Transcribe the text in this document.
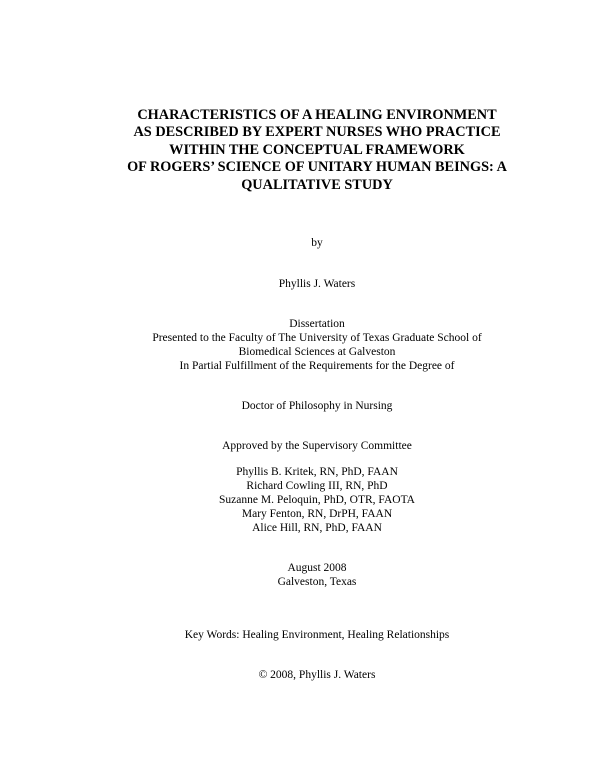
CHARACTERISTICS OF A HEALING ENVIRONMENT
AS DESCRIBED BY EXPERT NURSES WHO PRACTICE
WITHIN THE CONCEPTUAL FRAMEWORK
OF ROGERS’ SCIENCE OF UNITARY HUMAN BEINGS: A
QUALITATIVE STUDY
by
Phyllis J. Waters
Dissertation
Presented to the Faculty of The University of Texas Graduate School of
Biomedical Sciences at Galveston
In Partial Fulfillment of the Requirements for the Degree of
Doctor of Philosophy in Nursing
Approved by the Supervisory Committee
Phyllis B. Kritek, RN, PhD, FAAN
Richard Cowling III, RN, PhD
Suzanne M. Peloquin, PhD, OTR, FAOTA
Mary Fenton, RN, DrPH, FAAN
Alice Hill, RN, PhD, FAAN
August 2008
Galveston, Texas
Key Words: Healing Environment, Healing Relationships
© 2008, Phyllis J. Waters
